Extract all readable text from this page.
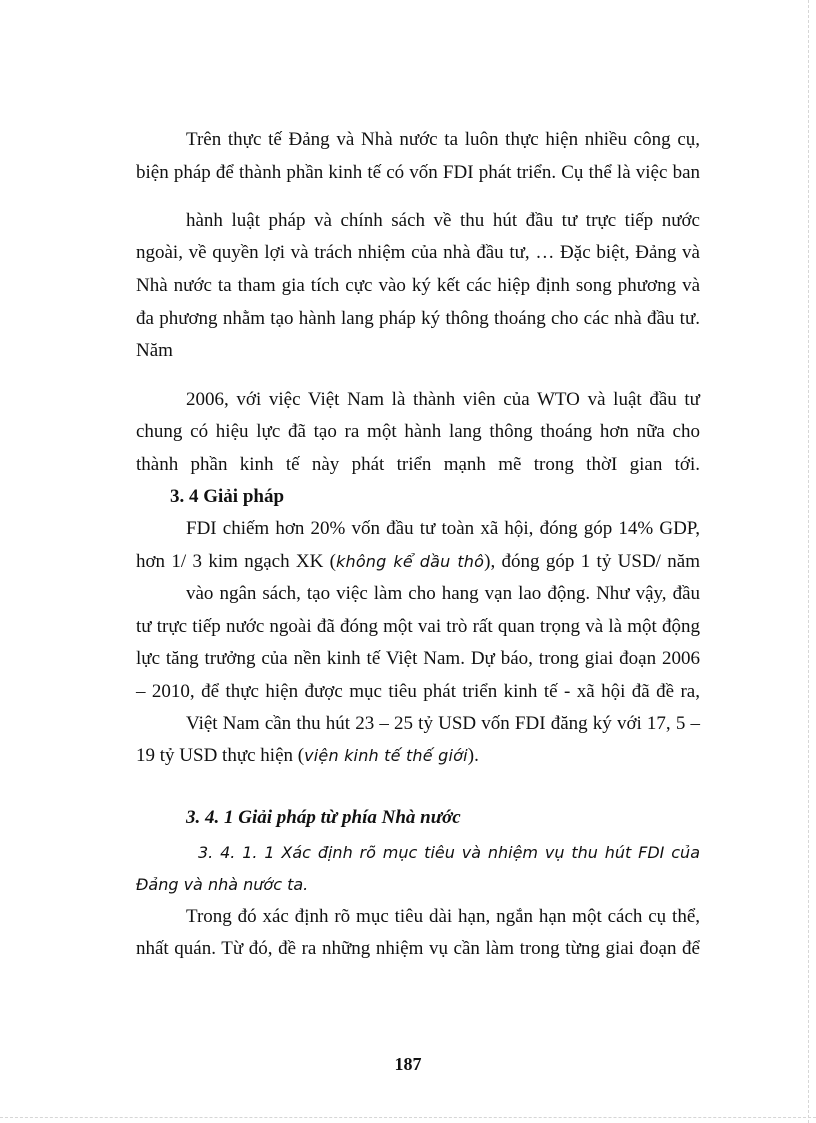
Trên thực tế Đảng và Nhà nước ta luôn thực hiện nhiều công cụ,
biện pháp để thành phần kinh tế có vốn FDI phát triển. Cụ thể là việc ban
hành luật pháp và chính sách về thu hút đầu tư trực tiếp nước
ngoài, về quyền lợi và trách nhiệm của nhà đầu tư, … Đặc biệt, Đảng và
Nhà nước ta tham gia tích cực vào ký kết các hiệp định song phương và
đa phương nhằm tạo hành lang pháp ký thông thoáng cho các nhà đầu tư.
Năm
2006, với việc Việt Nam là thành viên của WTO và luật đầu tư
chung có hiệu lực đã tạo ra một hành lang thông thoáng hơn nữa cho
thành phần kinh tế này phát triển mạnh mẽ trong thờI gian tới.
3. 4 Giải pháp
FDI chiếm hơn 20% vốn đầu tư toàn xã hội, đóng góp 14% GDP,
hơn 1/ 3 kim ngạch XK (không kể dầu thô), đóng góp 1 tỷ USD/ năm
vào ngân sách, tạo việc làm cho hang vạn lao động. Như vậy, đầu
tư trực tiếp nước ngoài đã đóng một vai trò rất quan trọng và là một động
lực tăng trưởng của nền kinh tế Việt Nam. Dự báo, trong giai đoạn 2006
– 2010, để thực hiện được mục tiêu phát triển kinh tế - xã hội đã đề ra,
Việt Nam cần thu hút 23 – 25 tỷ USD vốn FDI đăng ký với 17, 5 –
19 tỷ USD thực hiện (viện kinh tế thế giới).
3. 4. 1 Giải pháp từ phía Nhà nước
3. 4. 1. 1 Xác định rõ mục tiêu và nhiệm vụ thu hút FDI của
Đảng và nhà nước ta.
Trong đó xác định rõ mục tiêu dài hạn, ngắn hạn một cách cụ thể,
nhất quán. Từ đó, đề ra những nhiệm vụ cần làm trong từng giai đoạn để
187
